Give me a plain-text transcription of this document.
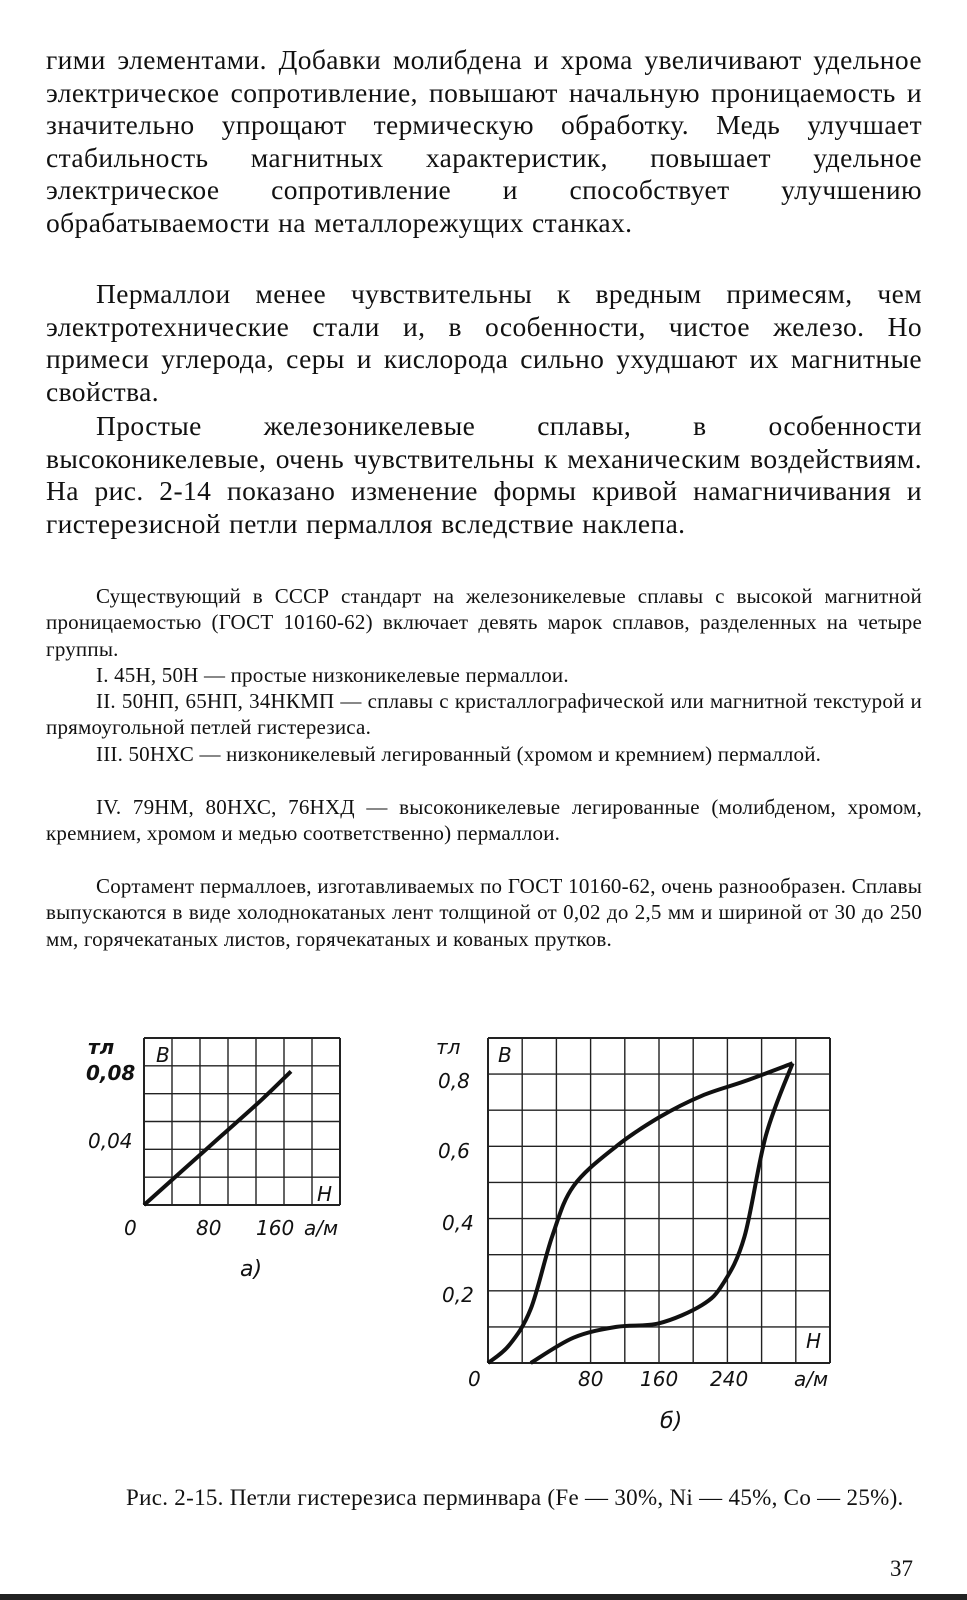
гими элементами. Добавки молибдена и хрома увеличивают удельное электрическое сопротивление, повышают начальную проницаемость и значительно упрощают термическую обработку. Медь улучшает стабильность магнитных характеристик, повышает удельное электрическое сопротивление и способствует улучшению обрабатываемости на металлорежущих станках.

Пермаллои менее чувствительны к вредным примесям, чем электротехнические стали и, в особенности, чистое железо. Но примеси углерода, серы и кислорода сильно ухудшают их магнитные свойства.

Простые железоникелевые сплавы, в особенности высоконикелевые, очень чувствительны к механическим воздействиям. На рис. 2-14 показано изменение формы кривой намагничивания и гистерезисной петли пермаллоя вследствие наклепа.

Существующий в СССР стандарт на железоникелевые сплавы с высокой магнитной проницаемостью (ГОСТ 10160-62) включает девять марок сплавов, разделенных на четыре группы.

I. 45Н, 50Н — простые низконикелевые пермаллои.

II. 50НП, 65НП, 34НКМП — сплавы с кристаллографической или магнитной текстурой и прямоугольной петлей гистерезиса.

III. 50НХС — низконикелевый легированный (хромом и кремнием) пермаллой.

IV. 79НМ, 80НХС, 76НХД — высоконикелевые легированные (молибденом, хромом, кремнием, хромом и медью соответственно) пермаллои.

Сортамент пермаллоев, изготавливаемых по ГОСТ 10160-62, очень разнообразен. Сплавы выпускаются в виде холоднокатаных лент толщиной от 0,02 до 2,5 мм и шириной от 30 до 250 мм, горячекатаных листов, горячекатаных и кованых прутков.

В
Н
тл
0,08
0,04
0	80 160 а/м
а)
В
Н
тл
0,8
0,6
0,4
0,2
0	80 160 240 а/м
б)
Рис. 2-15. Петли гистерезиса перминвара (Fe — 30%, Ni — 45%, Co — 25%).
37
